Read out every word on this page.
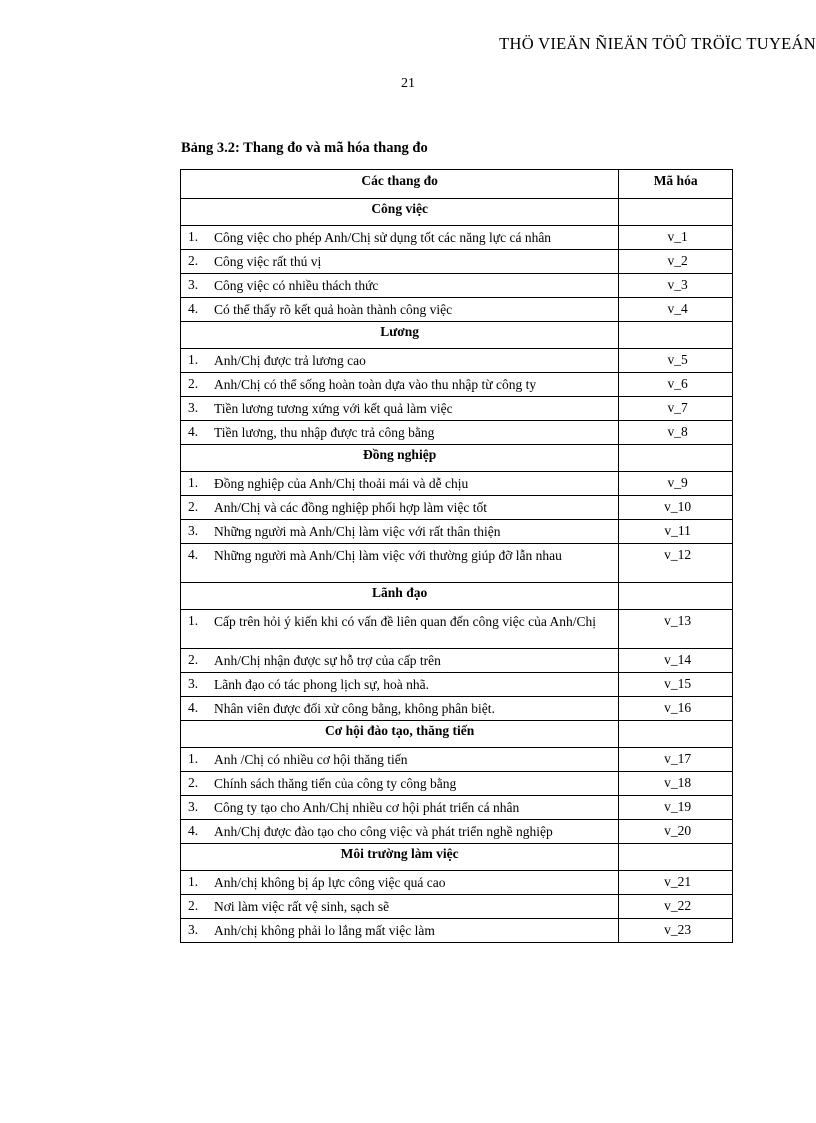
THÖ VIEÄN ÑIEÄN TÖÛ TRÖÏC TUYEÁN
21
Bảng 3.2: Thang đo và mã hóa thang đo
Các thang đo	Mã hóa
Công việc	

1. Công việc cho phép Anh/Chị sử dụng tốt các năng lực cá nhân	v_1

2. Công việc rất thú vị	v_2

3. Công việc có nhiều thách thức	v_3

4. Có thể thấy rõ kết quả hoàn thành công việc	v_4
Lương	

1. Anh/Chị được trả lương cao	v_5

2. Anh/Chị có thể sống hoàn toàn dựa vào thu nhập từ công ty	v_6

3. Tiền lương tương xứng với kết quả làm việc	v_7

4. Tiền lương, thu nhập được trả công bằng	v_8
Đồng nghiệp	

1. Đồng nghiệp của Anh/Chị thoải mái và dễ chịu	v_9

2. Anh/Chị và các đồng nghiệp phối hợp làm việc tốt	v_10

3. Những người mà Anh/Chị làm việc với rất thân thiện	v_11

4. Những người mà Anh/Chị làm việc với thường giúp đỡ lẫn nhau	v_12
Lãnh đạo	

1. Cấp trên hỏi ý kiến khi có vấn đề liên quan đến công việc của Anh/Chị	v_13

2. Anh/Chị nhận được sự hỗ trợ của cấp trên	v_14

3. Lãnh đạo có tác phong lịch sự, hoà nhã.	v_15

4. Nhân viên được đối xử công bằng, không phân biệt.	v_16
Cơ hội đào tạo, thăng tiến	

1. Anh /Chị có nhiều cơ hội thăng tiến	v_17

2. Chính sách thăng tiến của công ty công bằng	v_18

3. Công ty tạo cho Anh/Chị nhiều cơ hội phát triển cá nhân	v_19

4. Anh/Chị được đào tạo cho công việc và phát triển nghề nghiệp	v_20
Môi trường làm việc	

1. Anh/chị không bị áp lực công việc quá cao	v_21

2. Nơi làm việc rất vệ sinh, sạch sẽ	v_22

3. Anh/chị không phải lo lắng mất việc làm	v_23
